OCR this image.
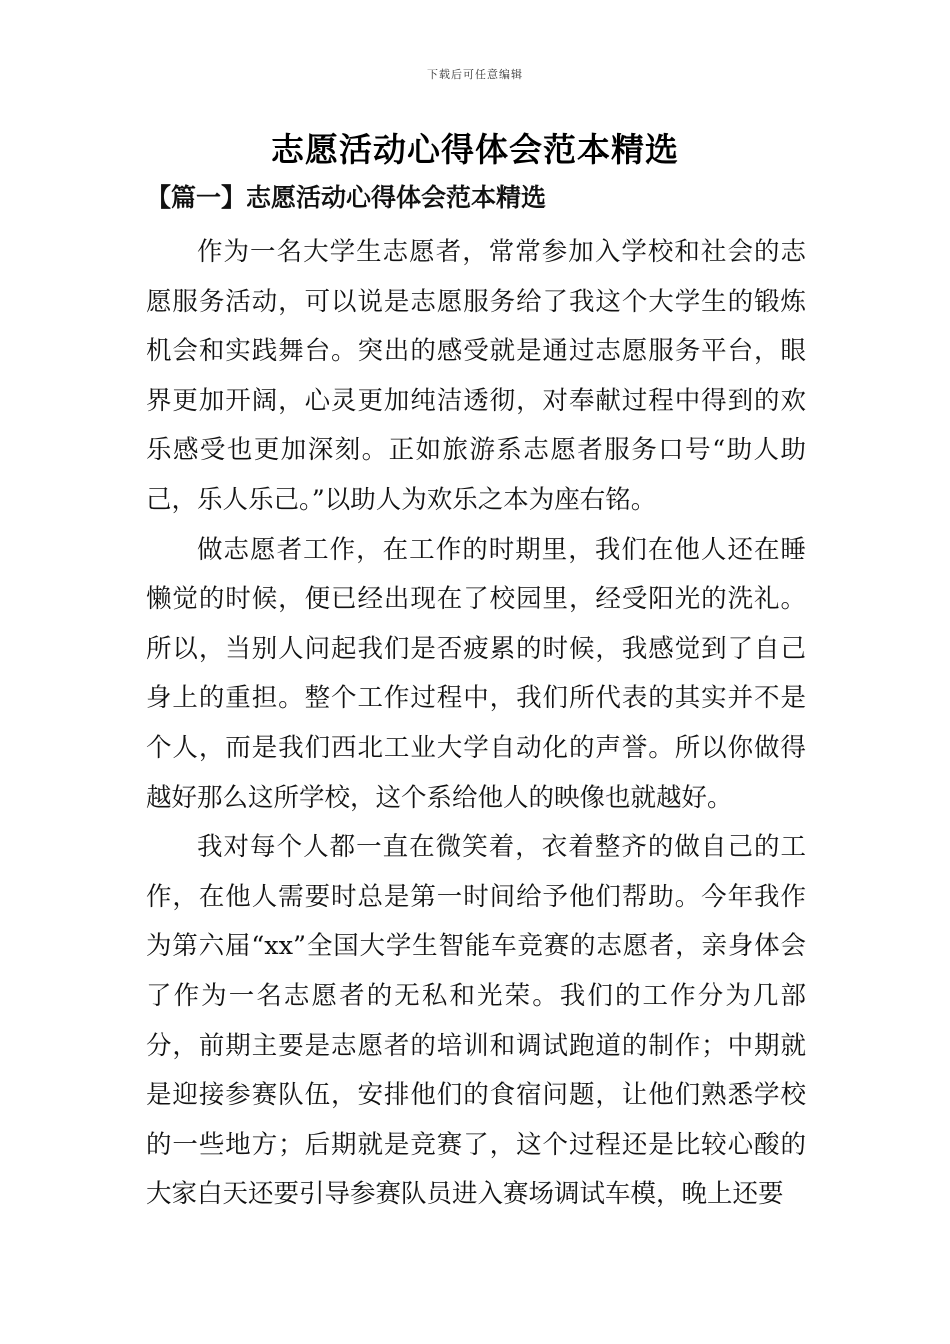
下载后可任意编辑
志愿活动心得体会范本精选
【篇一】志愿活动心得体会范本精选

作为一名大学生志愿者，常常参加入学校和社会的志愿服务活动，可以说是志愿服务给了我这个大学生的锻炼机会和实践舞台。突出的感受就是通过志愿服务平台，眼界更加开阔，心灵更加纯洁透彻，对奉献过程中得到的欢乐感受也更加深刻。正如旅游系志愿者服务口号“助人助己，乐人乐己。”以助人为欢乐之本为座右铭。

做志愿者工作，在工作的时期里，我们在他人还在睡懒觉的时候，便已经出现在了校园里，经受阳光的洗礼。所以，当别人问起我们是否疲累的时候，我感觉到了自己身上的重担。整个工作过程中，我们所代表的其实并不是个人，而是我们西北工业大学自动化的声誉。所以你做得越好那么这所学校，这个系给他人的映像也就越好。

我对每个人都一直在微笑着，衣着整齐的做自己的工作，在他人需要时总是第一时间给予他们帮助。今年我作为第六届“xx”全国大学生智能车竞赛的志愿者，亲身体会了作为一名志愿者的无私和光荣。我们的工作分为几部分，前期主要是志愿者的培训和调试跑道的制作；中期就是迎接参赛队伍，安排他们的食宿问题，让他们熟悉学校的一些地方；后期就是竞赛了，这个过程还是比较心酸的大家白天还要引导参赛队员进入赛场调试车模，晚上还要
